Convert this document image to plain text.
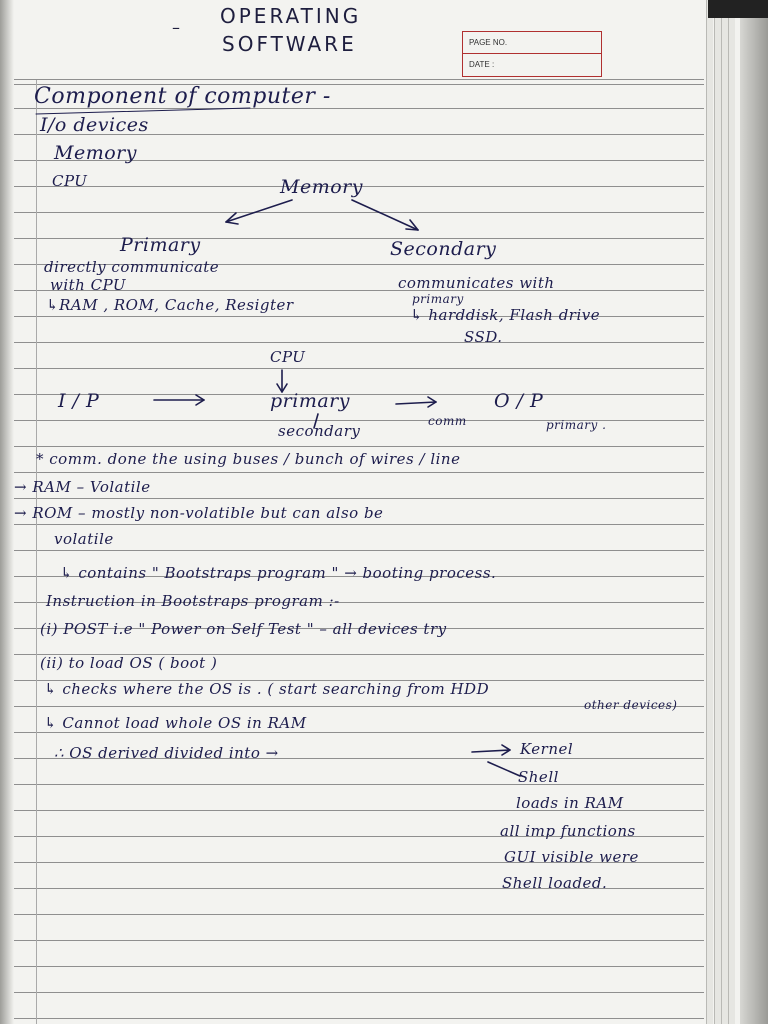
OPERATING
SOFTWARE
–
PAGE NO.
DATE :
Component of computer -
I/o devices
Memory
CPU	Memory
Primary
directly communicate
with CPU
↳RAM , ROM, Cache, Resigter
Secondary
communicates with
primary
↳ harddisk, Flash drive
SSD.
CPU
I / P	primary
secondary
comm
O / P
primary .
* comm. done the using buses / bunch of wires / line
→ RAM – Volatile
→ ROM – mostly non-volatible but can also be
volatile
↳ contains " Bootstraps program " → booting process.
Instruction in Bootstraps program :-
(i) POST i.e " Power on Self Test " – all devices try
(ii) to load OS ( boot )
↳ checks where the OS is . ( start searching from HDD
other devices)
↳ Cannot load whole OS in RAM
∴ OS derived divided into →	Kernel
Shell
loads in RAM
all imp functions
GUI visible were
Shell loaded.
